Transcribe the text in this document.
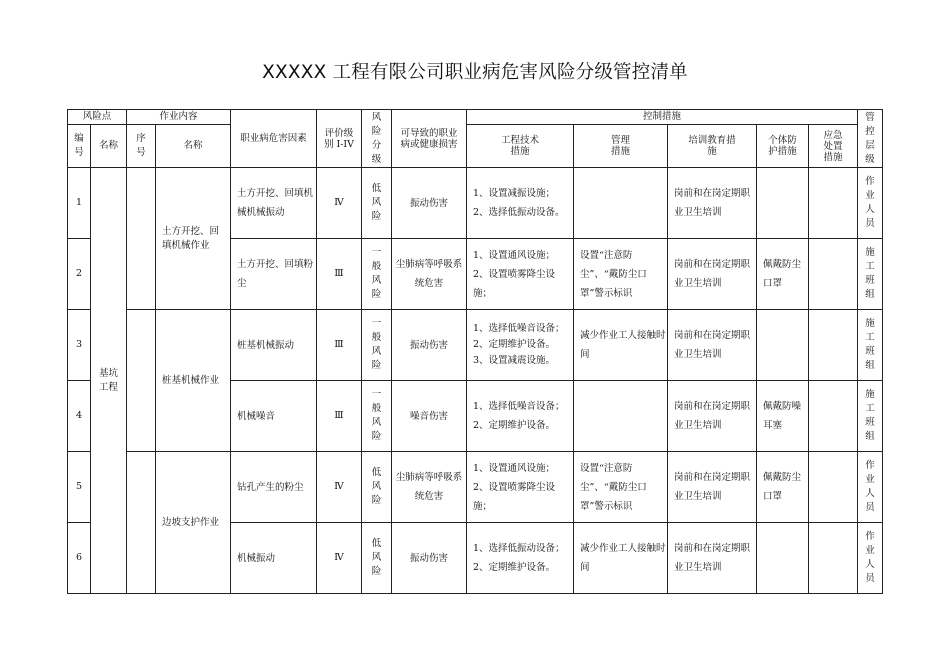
XXXXX 工程有限公司职业病危害风险分级管控清单
风险点		作业内容		职业病危害因素	评价级别 I-IV	风险分级	可导致的职业病或健康损害	控制措施					管控层级
编号	名称	序号	名称					工程技术措施	管理措施	培训教育措施	个体防护措施	应急处置措施	
1	基坑工程		土方开挖、回填机械作业	土方开挖、回填机械机械振动	Ⅳ	低风险	振动伤害	1、设置减振设施；
2、选择低振动设备。		岗前和在岗定期职业卫生培训			作业人员
2				土方开挖、回填粉尘	Ⅲ	一般风险	尘肺病等呼吸系统危害	1、设置通风设施；
2、设置喷雾降尘设施；	设置“注意防尘”、“戴防尘口罩”警示标识	岗前和在岗定期职业卫生培训	佩戴防尘口罩		施工班组
3			桩基机械作业	桩基机械振动	Ⅲ	一般风险	振动伤害	1、选择低噪音设备；
2、定期维护设备。
3、设置减震设施。	减少作业工人接触时间	岗前和在岗定期职业卫生培训			施工班组
4				机械噪音	Ⅲ	一般风险	噪音伤害	1、选择低噪音设备；
2、定期维护设备。		岗前和在岗定期职业卫生培训	佩戴防噪耳塞		施工班组
5			边坡支护作业	钻孔产生的粉尘	Ⅳ	低风险	尘肺病等呼吸系统危害	1、设置通风设施；
2、设置喷雾降尘设施；	设置“注意防尘”、“戴防尘口罩”警示标识	岗前和在岗定期职业卫生培训	佩戴防尘口罩		作业人员
6				机械振动	Ⅳ	低风险	振动伤害	1、选择低振动设备；
2、定期维护设备。	减少作业工人接触时间	岗前和在岗定期职业卫生培训			作业人员
